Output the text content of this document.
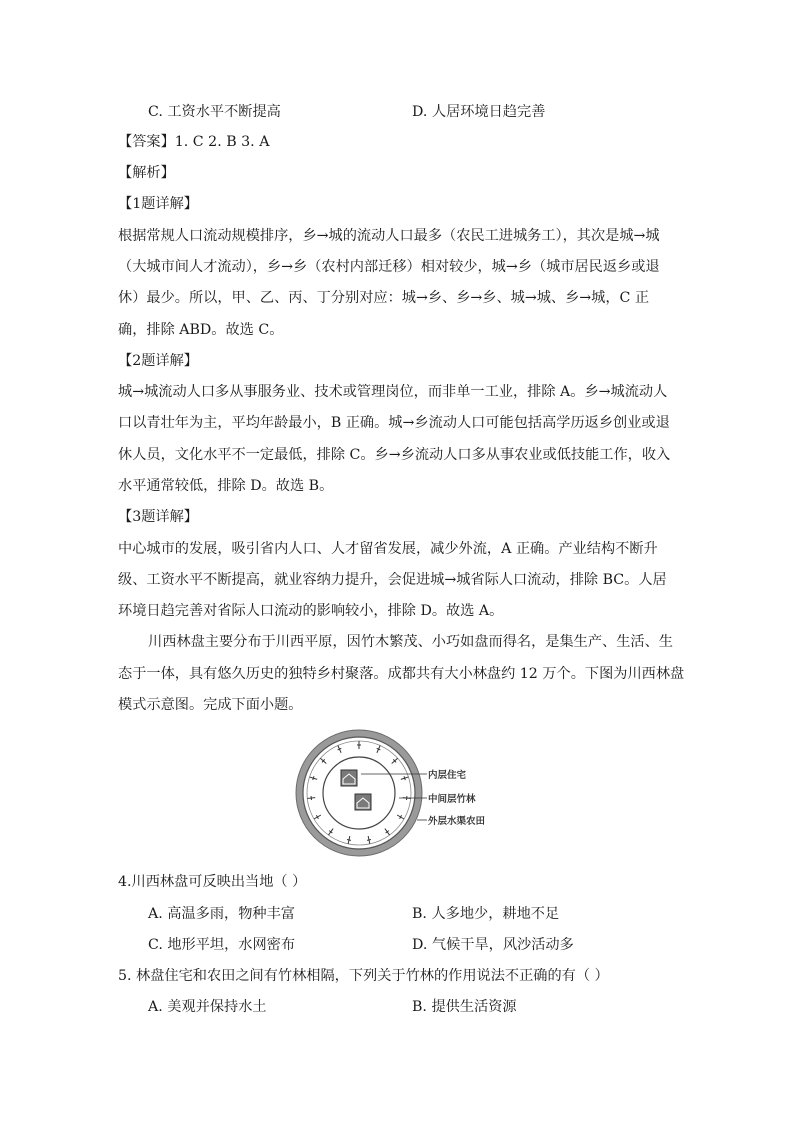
C. 工资水平不断提高	D. 人居环境日趋完善
【答案】1. C 2. B 3. A
【解析】
【1题详解】
根据常规人口流动规模排序，乡→城的流动人口最多（农民工进城务工），其次是城→城
（大城市间人才流动），乡→乡（农村内部迁移）相对较少，城→乡（城市居民返乡或退
休）最少。所以，甲、乙、丙、丁分别对应：城→乡、乡→乡、城→城、乡→城，C 正
确，排除 ABD。故选 C。
【2题详解】
城→城流动人口多从事服务业、技术或管理岗位，而非单一工业，排除 A。乡→城流动人
口以青壮年为主，平均年龄最小，B 正确。城→乡流动人口可能包括高学历返乡创业或退
休人员，文化水平不一定最低，排除 C。乡→乡流动人口多从事农业或低技能工作，收入
水平通常较低，排除 D。故选 B。
【3题详解】
中心城市的发展，吸引省内人口、人才留省发展，减少外流，A 正确。产业结构不断升
级、工资水平不断提高，就业容纳力提升，会促进城→城省际人口流动，排除 BC。人居
环境日趋完善对省际人口流动的影响较小，排除 D。故选 A。
川西林盘主要分布于川西平原，因竹木繁茂、小巧如盘而得名，是集生产、生活、生
态于一体，具有悠久历史的独特乡村聚落。成都共有大小林盘约 12 万个。下图为川西林盘
模式示意图。完成下面小题。
内层住宅
中间层竹林
外层水渠农田
4.川西林盘可反映出当地（ ）
A. 高温多雨，物种丰富	B. 人多地少，耕地不足
C. 地形平坦，水网密布	D. 气候干旱，风沙活动多
5. 林盘住宅和农田之间有竹林相隔，下列关于竹林的作用说法不正确的有（ ）
A. 美观并保持水土	B. 提供生活资源
